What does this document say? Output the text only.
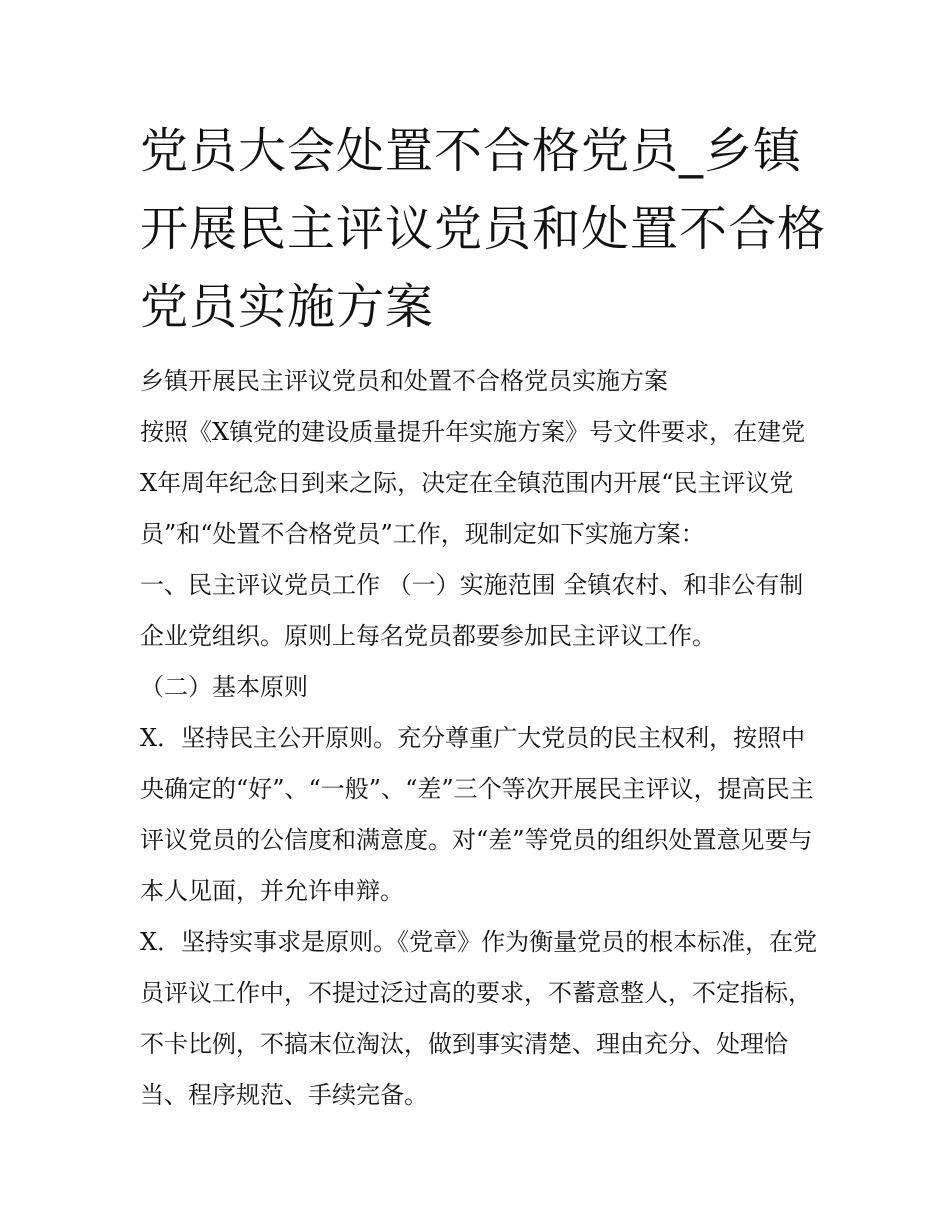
党员大会处置不合格党员_乡镇开展民主评议党员和处置不合格党员实施方案

乡镇开展民主评议党员和处置不合格党员实施方案

按照《X镇党的建设质量提升年实施方案》号文件要求，在建党X年周年纪念日到来之际，决定在全镇范围内开展“民主评议党员”和“处置不合格党员”工作，现制定如下实施方案：

一、民主评议党员工作 （一）实施范围 全镇农村、和非公有制企业党组织。原则上每名党员都要参加民主评议工作。

（二）基本原则

X．坚持民主公开原则。充分尊重广大党员的民主权利，按照中央确定的“好”、“一般”、“差”三个等次开展民主评议，提高民主评议党员的公信度和满意度。对“差”等党员的组织处置意见要与本人见面，并允许申辩。

X．坚持实事求是原则。《党章》作为衡量党员的根本标准，在党员评议工作中，不提过泛过高的要求，不蓄意整人，不定指标，不卡比例，不搞末位淘汰，做到事实清楚、理由充分、处理恰当、程序规范、手续完备。
